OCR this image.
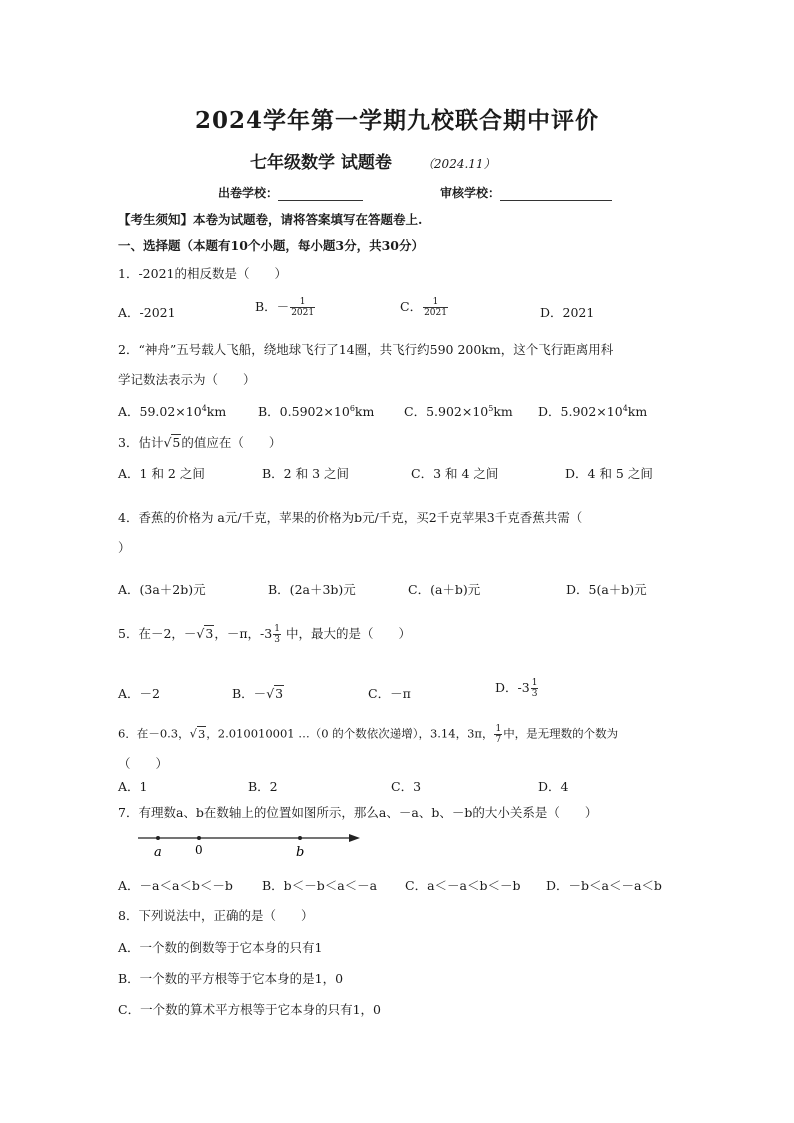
2024学年第一学期九校联合期中评价
七年级数学 试题卷	（2024.11）
出卷学校：	审核学校：
【考生须知】本卷为试题卷，请将答案填写在答题卷上.
一、选择题（本题有10个小题，每小题3分，共30分）
1．-2021的相反数是（　　）
A．-2021	B．－ $\frac{1}{2021}$	C． $\frac{1}{2021}$	D．2021
2．“神舟”五号载人飞船，绕地球飞行了14圈，共飞行约590 200km，这个飞行距离用科
学记数法表示为（　　）
A．$59.02\times 10^4km$	B．$0.5902\times 10^6km$ C．$5.902\times 10^5km$ D．$5.902\times 10^4km$
3．估计√5的值应在（　　）
A．1 和 2 之间	B．2 和 3 之间	C．3 和 4 之间	D．4 和 5 之间
4．香蕉的价格为 a元/千克，苹果的价格为b元/千克，买2千克苹果3千克香蕉共需（
）
A．(3a＋2b)元	B．(2a＋3b)元	C．(a＋b)元	D．5(a＋b)元
5．在－2，－√3，－π，$-3 \frac{1}{3}$ 中，最大的是（　　）
A．－2	B．－√3	C．－π	D．$-3 \frac{1}{3}$
6．在－0.3，√3，2.010010001 …（0 的个数依次递增），3.14，3π， $\frac{1}{7}$ 中，是无理数的个数为
（　　）
A．1	B．2	C．3	D．4
7．有理数a、b在数轴上的位置如图所示，那么a、－a、b、－b的大小关系是（　　）
a	0	b
A．－a＜a＜b＜－b B．b＜－b＜a＜－a C．a＜－a＜b＜－b D．－b＜a＜－a＜b
8．下列说法中，正确的是（　　）
A．一个数的倒数等于它本身的只有1
B．一个数的平方根等于它本身的是1，0
C．一个数的算术平方根等于它本身的只有1，0
